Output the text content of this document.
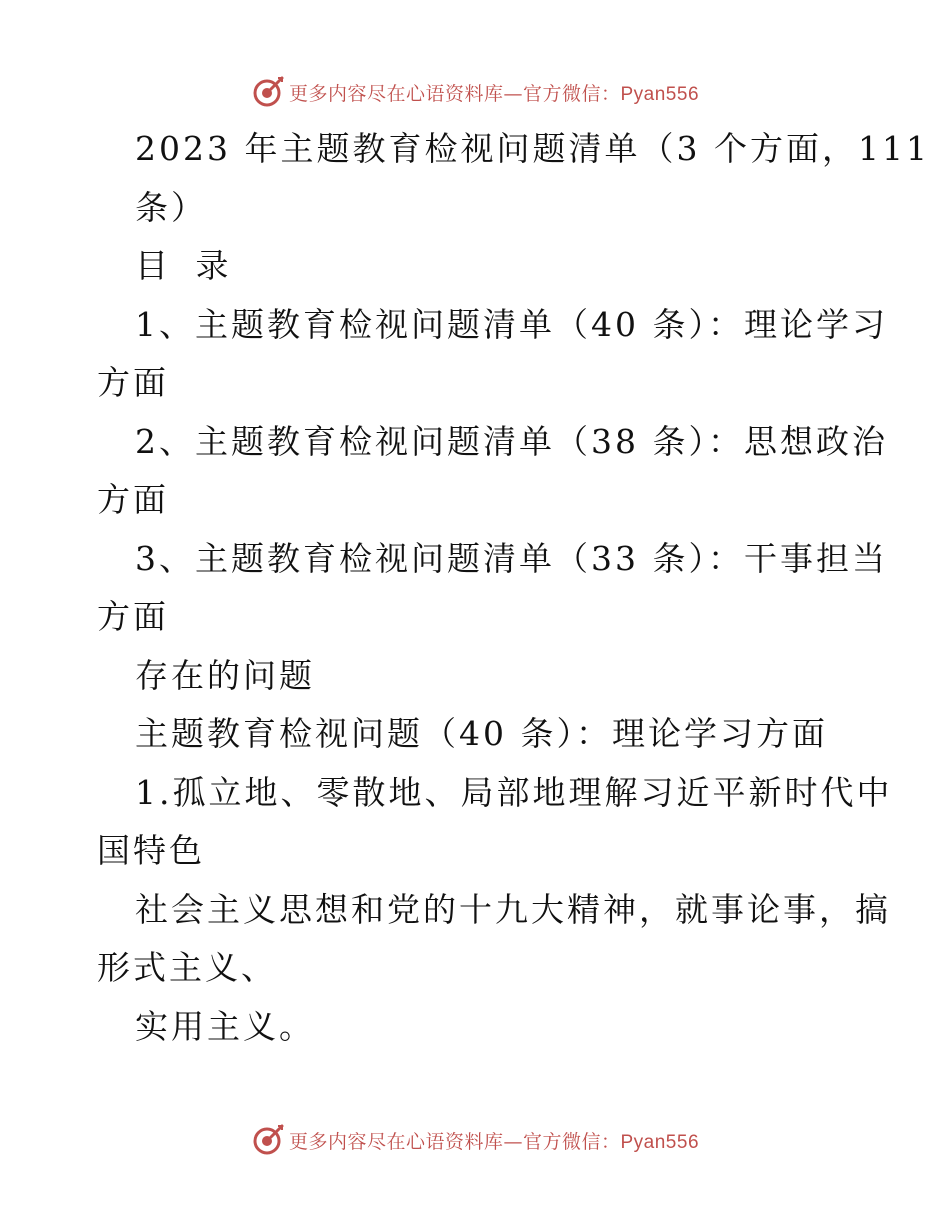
更多内容尽在心语资料库—官方微信：Pyan556
2023 年主题教育检视问题清单（3 个方面，111
条）
目 录
1、主题教育检视问题清单（40 条）：理论学习
方面
2、主题教育检视问题清单（38 条）：思想政治
方面
3、主题教育检视问题清单（33 条）：干事担当
方面
存在的问题
主题教育检视问题（40 条）：理论学习方面
1.孤立地、零散地、局部地理解习近平新时代中
国特色
社会主义思想和党的十九大精神，就事论事，搞
形式主义、
实用主义。
更多内容尽在心语资料库—官方微信：Pyan556
